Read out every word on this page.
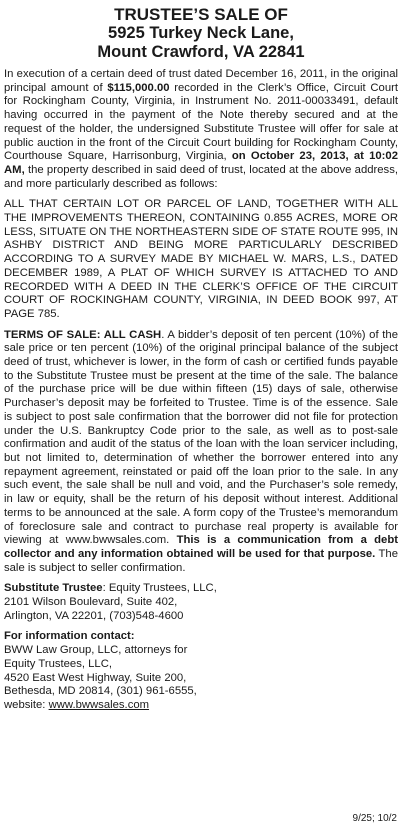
TRUSTEE’S SALE OF
5925 Turkey Neck Lane,
Mount Crawford, VA 22841

In execution of a certain deed of trust dated December 16, 2011, in the original principal amount of $115,000.00 recorded in the Clerk’s Office, Circuit Court for Rockingham County, Virginia, in Instrument No. 2011-00033491, default having occurred in the payment of the Note thereby secured and at the request of the holder, the undersigned Substitute Trustee will offer for sale at public auction in the front of the Circuit Court building for Rockingham County, Courthouse Square, Harrisonburg, Virginia, on October 23, 2013, at 10:02 AM, the property described in said deed of trust, located at the above address, and more particularly described as follows:

ALL THAT CERTAIN LOT OR PARCEL OF LAND, TOGETHER WITH ALL THE IMPROVEMENTS THEREON, CONTAINING 0.855 ACRES, MORE OR LESS, SITUATE ON THE NORTHEASTERN SIDE OF STATE ROUTE 995, IN ASHBY DISTRICT AND BEING MORE PARTICULARLY DESCRIBED ACCORDING TO A SURVEY MADE BY MICHAEL W. MARS, L.S., DATED DECEMBER 1989, A PLAT OF WHICH SURVEY IS ATTACHED TO AND RECORDED WITH A DEED IN THE CLERK’S OFFICE OF THE CIRCUIT COURT OF ROCKINGHAM COUNTY, VIRGINIA, IN DEED BOOK 997, AT PAGE 785.

TERMS OF SALE: ALL CASH. A bidder’s deposit of ten percent (10%) of the sale price or ten percent (10%) of the original principal balance of the subject deed of trust, whichever is lower, in the form of cash or certified funds payable to the Substitute Trustee must be present at the time of the sale. The balance of the purchase price will be due within fifteen (15) days of sale, otherwise Purchaser’s deposit may be forfeited to Trustee. Time is of the essence. Sale is subject to post sale confirmation that the borrower did not file for protection under the U.S. Bankruptcy Code prior to the sale, as well as to post-sale confirmation and audit of the status of the loan with the loan servicer including, but not limited to, determination of whether the borrower entered into any repayment agreement, reinstated or paid off the loan prior to the sale. In any such event, the sale shall be null and void, and the Purchaser’s sole remedy, in law or equity, shall be the return of his deposit without interest. Additional terms to be announced at the sale. A form copy of the Trustee’s memorandum of foreclosure sale and contract to purchase real property is available for viewing at www.bwwsales.com. This is a communication from a debt collector and any information obtained will be used for that purpose. The sale is subject to seller confirmation.

Substitute Trustee: Equity Trustees, LLC,
2101 Wilson Boulevard, Suite 402,
Arlington, VA 22201, (703)548-4600
For information contact:
BWW Law Group, LLC, attorneys for
Equity Trustees, LLC,
4520 East West Highway, Suite 200,
Bethesda, MD 20814, (301) 961-6555,
website: www.bwwsales.com
9/25; 10/2
